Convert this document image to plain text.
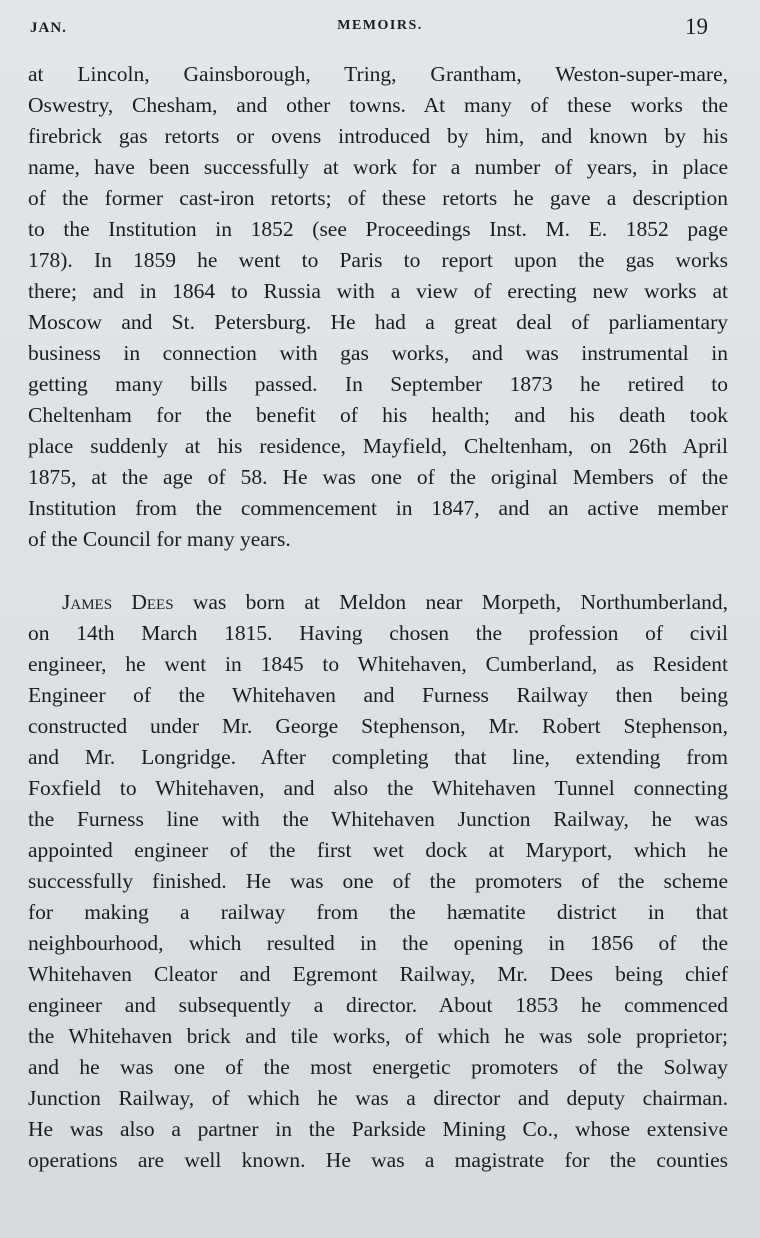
JAN.	MEMOIRS.	19
at Lincoln, Gainsborough, Tring, Grantham, Weston-super-mare,
Oswestry, Chesham, and other towns. At many of these works the
firebrick gas retorts or ovens introduced by him, and known by his
name, have been successfully at work for a number of years, in place
of the former cast-iron retorts; of these retorts he gave a description
to the Institution in 1852 (see Proceedings Inst. M. E. 1852 page
178). In 1859 he went to Paris to report upon the gas works
there; and in 1864 to Russia with a view of erecting new works at
Moscow and St. Petersburg. He had a great deal of parliamentary
business in connection with gas works, and was instrumental in
getting many bills passed. In September 1873 he retired to
Cheltenham for the benefit of his health; and his death took
place suddenly at his residence, Mayfield, Cheltenham, on 26th April
1875, at the age of 58. He was one of the original Members of the
Institution from the commencement in 1847, and an active member
of the Council for many years.
James Dees was born at Meldon near Morpeth, Northumberland,
on 14th March 1815. Having chosen the profession of civil
engineer, he went in 1845 to Whitehaven, Cumberland, as Resident
Engineer of the Whitehaven and Furness Railway then being
constructed under Mr. George Stephenson, Mr. Robert Stephenson,
and Mr. Longridge. After completing that line, extending from
Foxfield to Whitehaven, and also the Whitehaven Tunnel connecting
the Furness line with the Whitehaven Junction Railway, he was
appointed engineer of the first wet dock at Maryport, which he
successfully finished. He was one of the promoters of the scheme
for making a railway from the hæmatite district in that
neighbourhood, which resulted in the opening in 1856 of the
Whitehaven Cleator and Egremont Railway, Mr. Dees being chief
engineer and subsequently a director. About 1853 he commenced
the Whitehaven brick and tile works, of which he was sole proprietor;
and he was one of the most energetic promoters of the Solway
Junction Railway, of which he was a director and deputy chairman.
He was also a partner in the Parkside Mining Co., whose extensive
operations are well known. He was a magistrate for the counties
